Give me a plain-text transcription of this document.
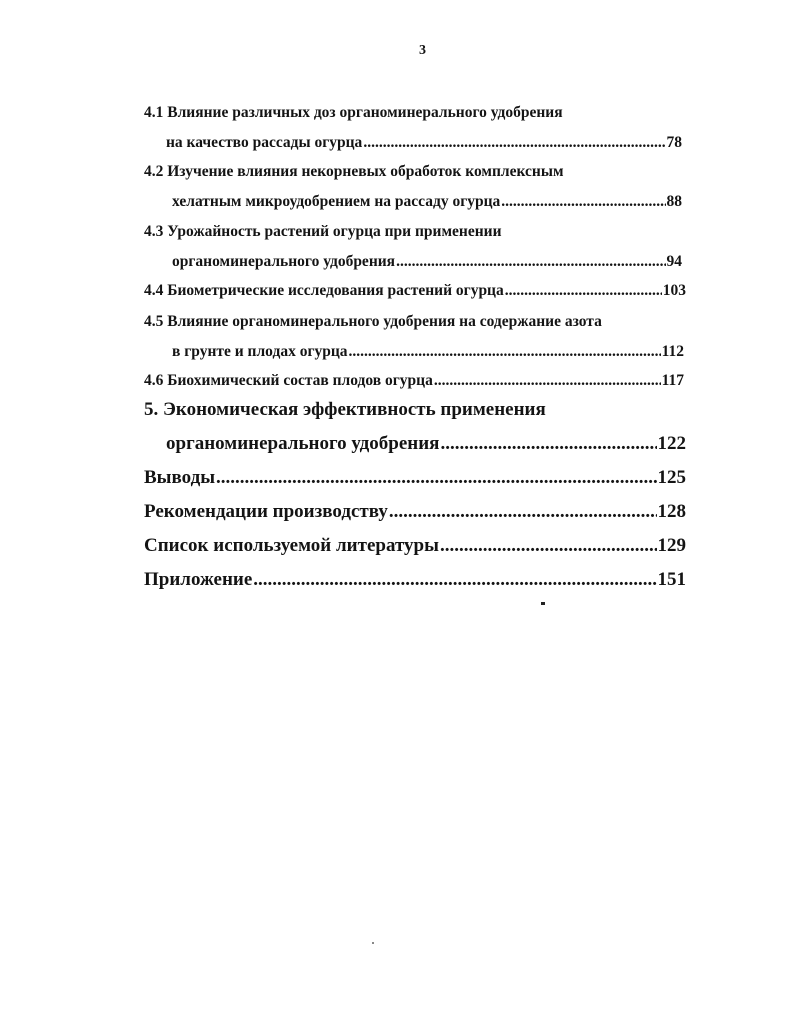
3
4.1 Влияние различных доз органоминерального удобрения
на качество рассады огурца .....	78
4.2 Изучение влияния некорневых обработок комплексным
хелатным микроудобрением на рассаду огурца .....	88
4.3 Урожайность растений огурца при применении
органоминерального удобрения .....	94
4.4 Биометрические исследования растений огурца .....	103
4.5 Влияние органоминерального удобрения на содержание азота
в грунте и плодах огурца .....	112
4.6 Биохимический состав плодов огурца .....	117
5. Экономическая эффективность применения
органоминерального удобрения .....	122
Выводы .....	125
Рекомендации производству .....	128
Список используемой литературы .....	129
Приложение .....	151
